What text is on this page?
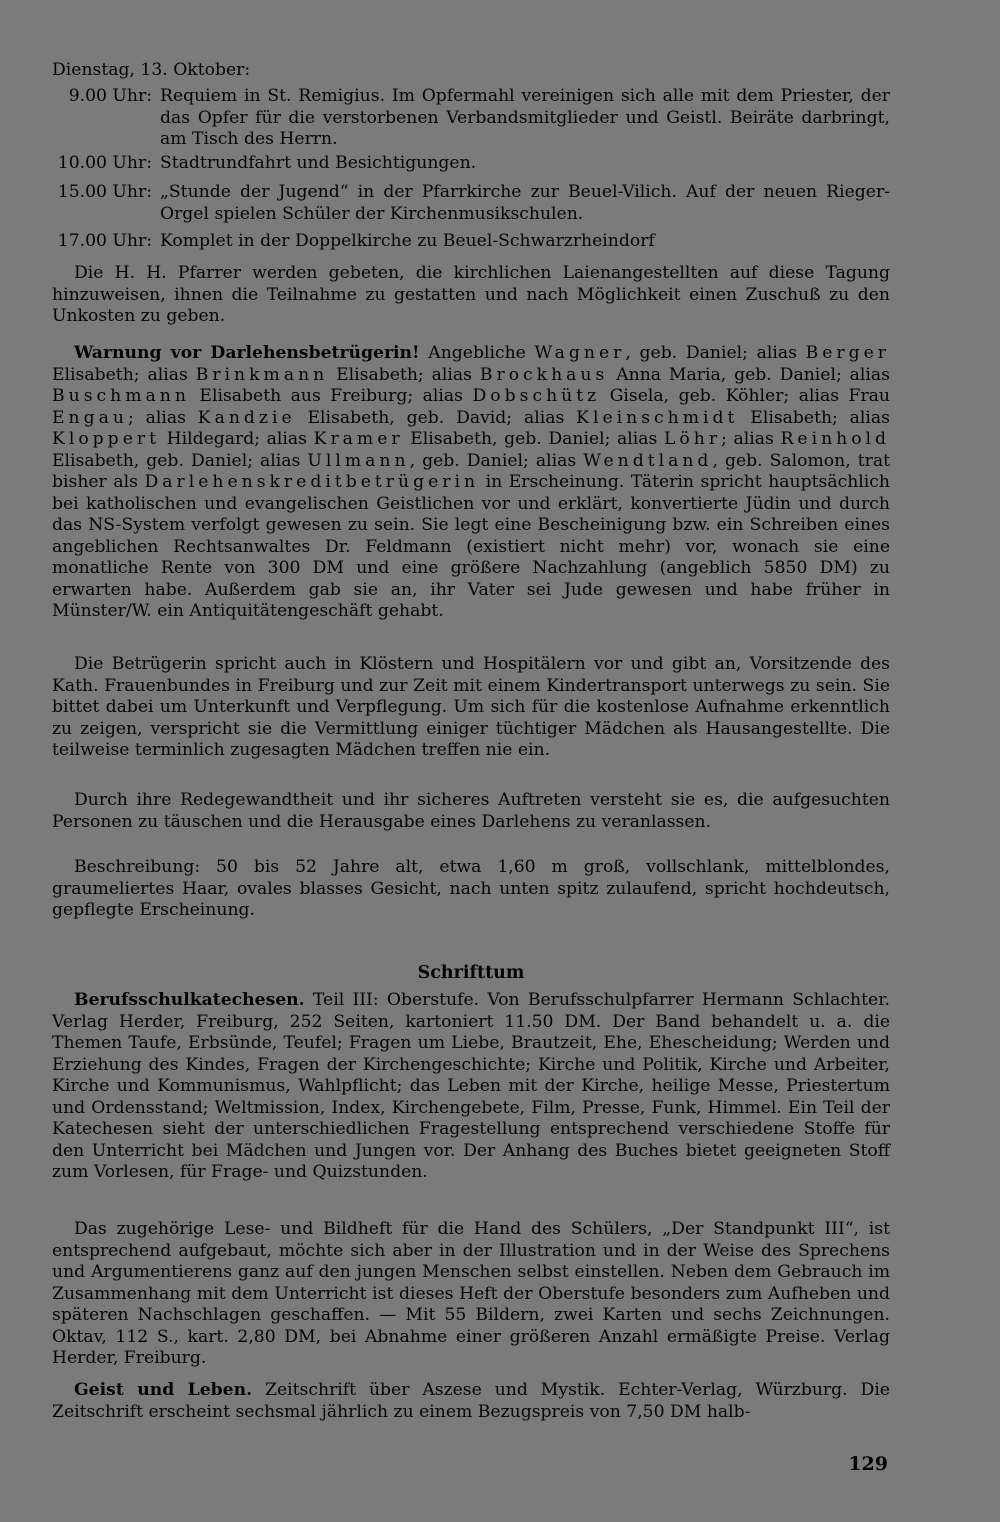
Dienstag, 13. Oktober:

9.00 Uhr: Requiem in St. Remigius. Im Opfermahl vereinigen sich alle mit dem Priester, der das Opfer für die verstorbenen Verbandsmitglieder und Geistl. Beiräte darbringt, am Tisch des Herrn.
10.00 Uhr: Stadtrundfahrt und Besichtigungen.
15.00 Uhr: „Stunde der Jugend“ in der Pfarrkirche zur Beuel-Vilich. Auf der neuen Rieger-Orgel spielen Schüler der Kirchenmusikschulen.
17.00 Uhr: Komplet in der Doppelkirche zu Beuel-Schwarzrheindorf

Die H. H. Pfarrer werden gebeten, die kirchlichen Laienangestellten auf diese Tagung hinzuweisen, ihnen die Teilnahme zu gestatten und nach Möglichkeit einen Zuschuß zu den Unkosten zu geben.

Warnung vor Darlehensbetrügerin! Angebliche Wagner, geb. Daniel; alias Berger Elisabeth; alias Brinkmann Elisabeth; alias Brockhaus Anna Maria, geb. Daniel; alias Buschmann Elisabeth aus Freiburg; alias Dobschütz Gisela, geb. Köhler; alias Frau Engau; alias Kandzie Elisabeth, geb. David; alias Kleinschmidt Elisabeth; alias Kloppert Hildegard; alias Kramer Elisabeth, geb. Daniel; alias Löhr; alias Reinhold Elisabeth, geb. Daniel; alias Ullmann, geb. Daniel; alias Wendtland, geb. Salomon, trat bisher als Darlehenskreditbetrügerin in Erscheinung. Täterin spricht hauptsächlich bei katholischen und evangelischen Geistlichen vor und erklärt, konvertierte Jüdin und durch das NS-System verfolgt gewesen zu sein. Sie legt eine Bescheinigung bzw. ein Schreiben eines angeblichen Rechtsanwaltes Dr. Feldmann (existiert nicht mehr) vor, wonach sie eine monatliche Rente von 300 DM und eine größere Nachzahlung (angeblich 5850 DM) zu erwarten habe. Außerdem gab sie an, ihr Vater sei Jude gewesen und habe früher in Münster/W. ein Antiquitätengeschäft gehabt.

Die Betrügerin spricht auch in Klöstern und Hospitälern vor und gibt an, Vorsitzende des Kath. Frauenbundes in Freiburg und zur Zeit mit einem Kindertransport unterwegs zu sein. Sie bittet dabei um Unterkunft und Verpflegung. Um sich für die kostenlose Aufnahme erkenntlich zu zeigen, verspricht sie die Vermittlung einiger tüchtiger Mädchen als Hausangestellte. Die teilweise terminlich zugesagten Mädchen treffen nie ein.

Durch ihre Redegewandtheit und ihr sicheres Auftreten versteht sie es, die aufgesuchten Personen zu täuschen und die Herausgabe eines Darlehens zu veranlassen.

Beschreibung: 50 bis 52 Jahre alt, etwa 1,60 m groß, vollschlank, mittelblondes, graumeliertes Haar, ovales blasses Gesicht, nach unten spitz zulaufend, spricht hochdeutsch, gepflegte Erscheinung.

Schrifttum

Berufsschulkatechesen. Teil III: Oberstufe. Von Berufsschulpfarrer Hermann Schlachter. Verlag Herder, Freiburg, 252 Seiten, kartoniert 11.50 DM. Der Band behandelt u. a. die Themen Taufe, Erbsünde, Teufel; Fragen um Liebe, Brautzeit, Ehe, Ehescheidung; Werden und Erziehung des Kindes, Fragen der Kirchengeschichte; Kirche und Politik, Kirche und Arbeiter, Kirche und Kommunismus, Wahlpflicht; das Leben mit der Kirche, heilige Messe, Priestertum und Ordensstand; Weltmission, Index, Kirchengebete, Film, Presse, Funk, Himmel. Ein Teil der Katechesen sieht der unterschiedlichen Fragestellung entsprechend verschiedene Stoffe für den Unterricht bei Mädchen und Jungen vor. Der Anhang des Buches bietet geeigneten Stoff zum Vorlesen, für Frage- und Quizstunden.

Das zugehörige Lese- und Bildheft für die Hand des Schülers, „Der Standpunkt III“, ist entsprechend aufgebaut, möchte sich aber in der Illustration und in der Weise des Sprechens und Argumentierens ganz auf den jungen Menschen selbst einstellen. Neben dem Gebrauch im Zusammenhang mit dem Unterricht ist dieses Heft der Oberstufe besonders zum Aufheben und späteren Nachschlagen geschaffen. — Mit 55 Bildern, zwei Karten und sechs Zeichnungen. Oktav, 112 S., kart. 2,80 DM, bei Abnahme einer größeren Anzahl ermäßigte Preise. Verlag Herder, Freiburg.

Geist und Leben. Zeitschrift über Aszese und Mystik. Echter-Verlag, Würzburg. Die Zeitschrift erscheint sechsmal jährlich zu einem Bezugspreis von 7,50 DM halb-

129
